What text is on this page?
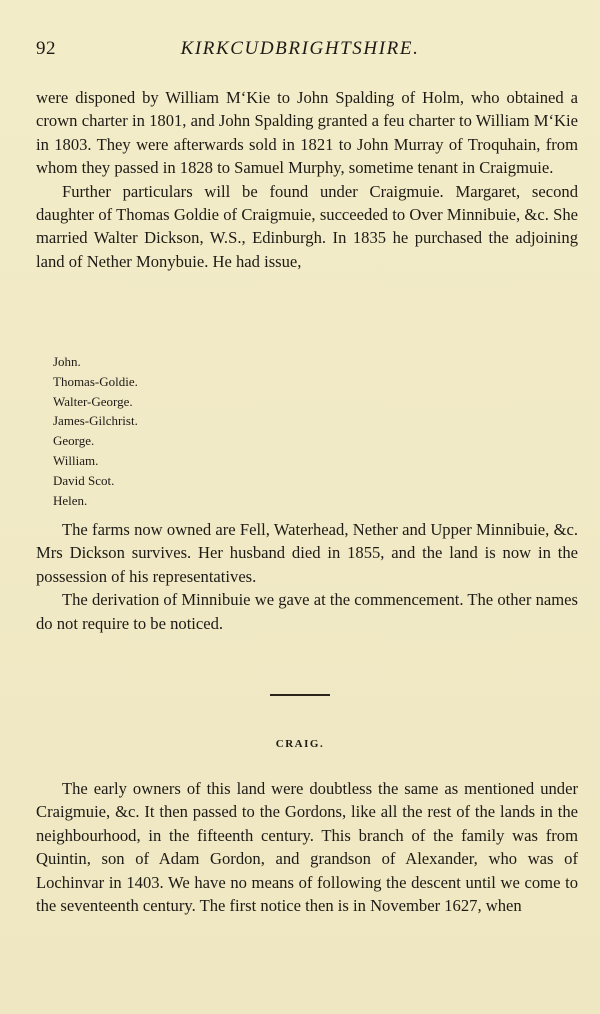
92	KIRKCUDBRIGHTSHIRE.

were disponed by William M‘Kie to John Spalding of Holm, who obtained a crown charter in 1801, and John Spalding granted a feu charter to William M‘Kie in 1803. They were afterwards sold in 1821 to John Murray of Troquhain, from whom they passed in 1828 to Samuel Murphy, sometime tenant in Craigmuie.

Further particulars will be found under Craigmuie. Margaret, second daughter of Thomas Goldie of Craigmuie, succeeded to Over Minnibuie, &c. She married Walter Dickson, W.S., Edinburgh. In 1835 he purchased the adjoining land of Nether Monybuie. He had issue,

John.
Thomas-Goldie.
Walter-George.
James-Gilchrist.
George.
William.
David Scot.
Helen.

The farms now owned are Fell, Waterhead, Nether and Upper Minnibuie, &c. Mrs Dickson survives. Her husband died in 1855, and the land is now in the possession of his representatives.

The derivation of Minnibuie we gave at the commencement. The other names do not require to be noticed.

CRAIG.

The early owners of this land were doubtless the same as mentioned under Craigmuie, &c. It then passed to the Gordons, like all the rest of the lands in the neighbourhood, in the fifteenth century. This branch of the family was from Quintin, son of Adam Gordon, and grandson of Alexander, who was of Lochinvar in 1403. We have no means of following the descent until we come to the seventeenth century. The first notice then is in November 1627, when
